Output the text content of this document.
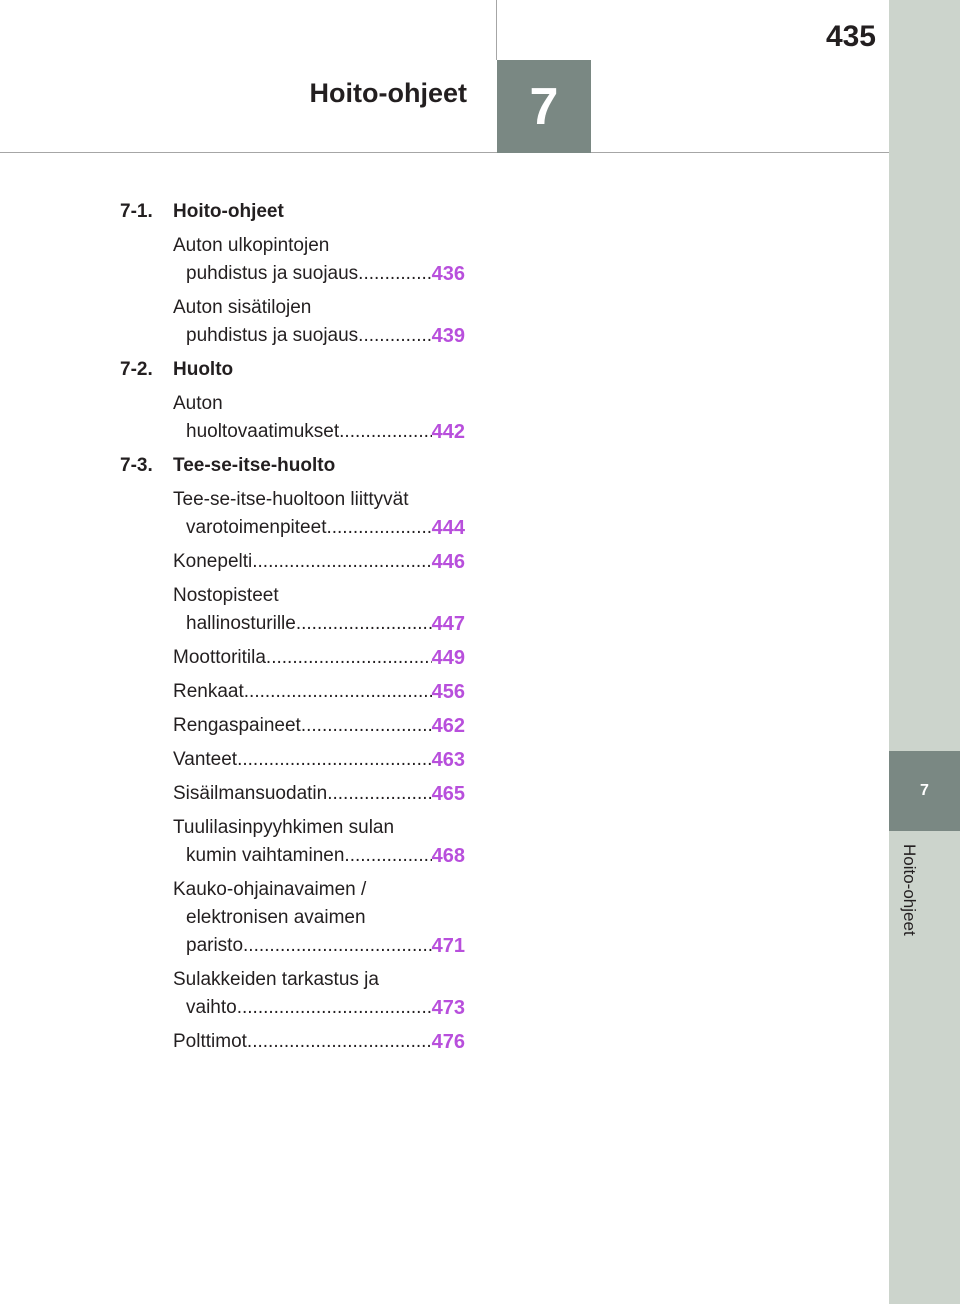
7
Hoito-ohjeet
435
7
Hoito-ohjeet
7-1.	Hoito-ohjeet
Auton ulkopintojen
puhdistus ja suojaus .....	436
Auton sisätilojen
puhdistus ja suojaus .....	439
7-2.	Huolto
Auton
huoltovaatimukset .....	442
7-3.	Tee-se-itse-huolto
Tee-se-itse-huoltoon liittyvät
varotoimenpiteet .....	444
Konepelti .....	446
Nostopisteet
hallinosturille .....	447
Moottoritila .....	449
Renkaat .....	456
Rengaspaineet .....	462
Vanteet .....	463
Sisäilmansuodatin .....	465
Tuulilasinpyyhkimen sulan
kumin vaihtaminen .....	468
Kauko-ohjainavaimen /
elektronisen avaimen
paristo .....	471
Sulakkeiden tarkastus ja
vaihto .....	473
Polttimot .....	476
